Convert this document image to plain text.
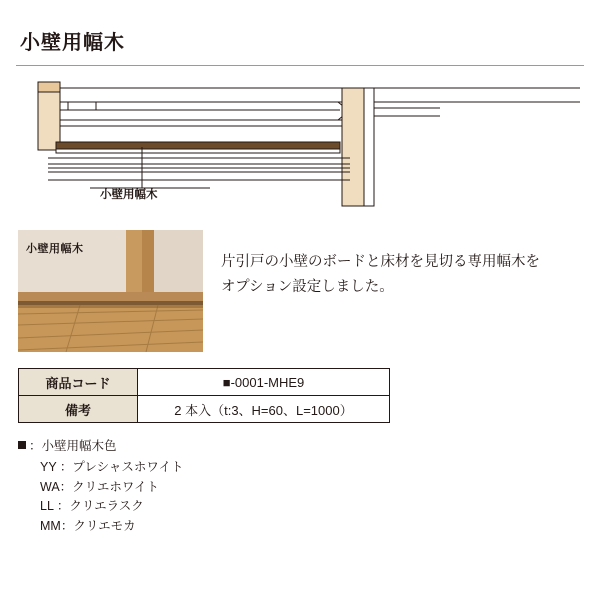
小壁用幅木
小壁用幅木
小壁用幅木
片引戸の小壁のボードと床材を見切る専用幅木を
オプション設定しました。
商品コード	■-0001-MHE9
備考	2 本入（t:3、H=60、L=1000）
：小壁用幅木色
YY ：プレシャスホワイト
WA：クリエホワイト
LL ：クリエラスク
MM：クリエモカ
